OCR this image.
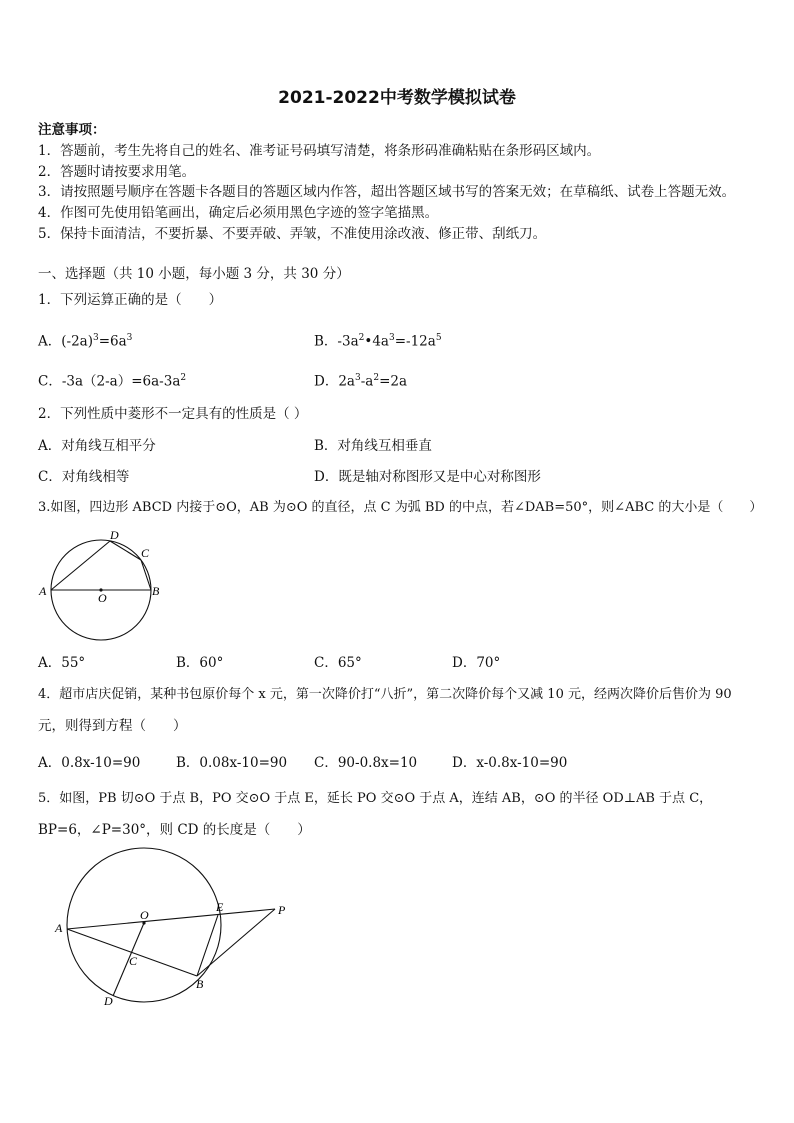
2021-2022中考数学模拟试卷
注意事项：
1．答题前，考生先将自己的姓名、准考证号码填写清楚，将条形码准确粘贴在条形码区域内。
2．答题时请按要求用笔。
3．请按照题号顺序在答题卡各题目的答题区域内作答，超出答题区域书写的答案无效；在草稿纸、试卷上答题无效。
4．作图可先使用铅笔画出，确定后必须用黑色字迹的签字笔描黑。
5．保持卡面清洁，不要折暴、不要弄破、弄皱，不准使用涂改液、修正带、刮纸刀。
一、选择题（共 10 小题，每小题 3 分，共 30 分）
1．下列运算正确的是（　　）
A．$(-2a)^3=6a^3$	B．$-3a^2•4a^3=-12a^5$
C．$-3a(2-a)=6a-3a^2$	D．$2a^3-a^2=2a$
2．下列性质中菱形不一定具有的性质是（ ）
A．对角线互相平分	B．对角线互相垂直
C．对角线相等	D．既是轴对称图形又是中心对称图形
3.如图，四边形 ABCD 内接于⊙O，AB 为⊙O 的直径，点 C 为弧 BD 的中点，若∠DAB=50°，则∠ABC 的大小是（　　）
A	B
C
D
O
A．55°	B．60°	C．65°	D．70°
4．超市店庆促销，某种书包原价每个 x 元，第一次降价打“八折”，第二次降价每个又减 10 元，经两次降价后售价为 90
元，则得到方程（　　）
A．0.8x-10=90	B．0.08x-10=90 C．90-0.8x=10	D．x-0.8x-10=90
5．如图，PB 切⊙O 于点 B，PO 交⊙O 于点 E，延长 PO 交⊙O 于点 A，连结 AB，⊙O 的半径 OD⊥AB 于点 C，
BP=6，∠P=30°，则 CD 的长度是（　　）
A
O
E	P
C
B
D
